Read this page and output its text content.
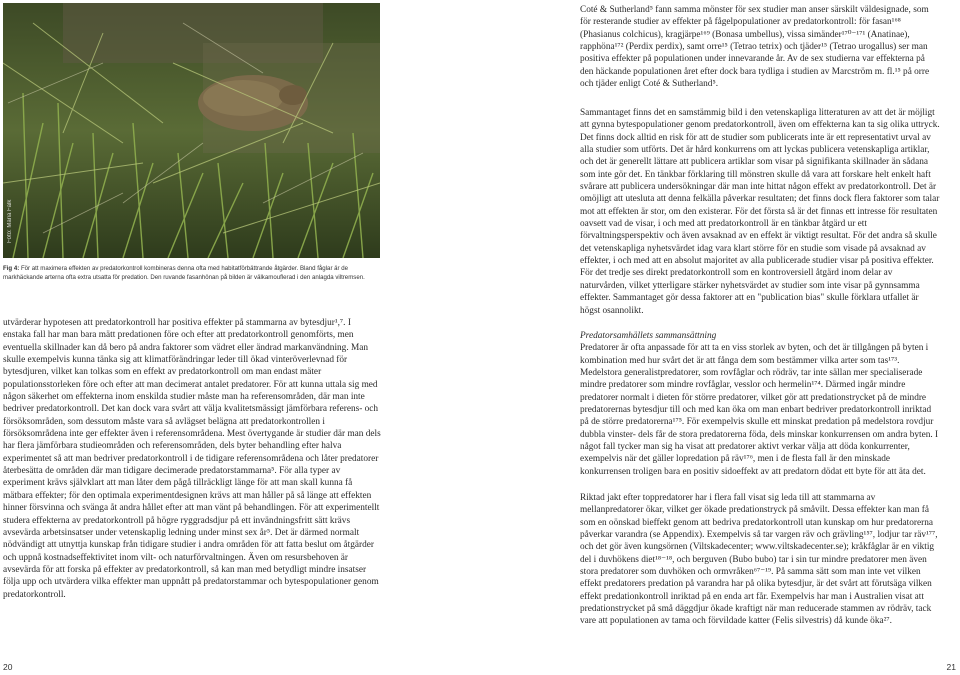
Foto: Maria Falk
Fig 4: För att maximera effekten av predatorkontroll kombineras denna ofta med habitatförbättrande åtgärder. Bland fåglar är de markhäckande arterna ofta extra utsatta för predation. Den ruvande fasanhönan på bilden är välkamouflerad i den anlagda viltremsen.

utvärderar hypotesen att predatorkontroll har positiva effekter på stammarna av bytesdjur¹,⁷. I enstaka fall har man bara mätt predationen före och efter att predatorkontroll genomförts, men eventuella skillnader kan då bero på andra faktorer som vädret eller ändrad markanvändning. Man skulle exempelvis kunna tänka sig att klimatförändringar leder till ökad vinteröverlevnad för bytesdjuren, vilket kan tolkas som en effekt av predatorkontroll om man endast mäter populationsstorleken före och efter att man decimerat antalet predatorer. För att kunna uttala sig med någon säkerhet om effekterna inom enskilda studier måste man ha referensområden, där man inte bedriver predatorkontroll. Det kan dock vara svårt att välja kvalitetsmässigt jämförbara referens- och försöksområden, som dessutom måste vara så avlägset belägna att predatorkontrollen i försöksområdena inte ger effekter även i referensområdena. Mest övertygande är studier där man dels har flera jämförbara studieområden och referensområden, dels byter behandling efter halva experimentet så att man bedriver predatorkontroll i de tidigare referensområdena och låter predatorer återbesätta de områden där man tidigare decimerade predatorstammarna⁵. För alla typer av experiment krävs självklart att man låter dem pågå tillräckligt länge för att man skall kunna få mätbara effekter; för den optimala experimentdesignen krävs att man håller på så länge att effekten hinner försvinna och svänga åt andra hållet efter att man vänt på behandlingen. För att experimentellt studera effekterna av predatorkontroll på högre ryggradsdjur på ett invändningsfritt sätt krävs avsevärda arbetsinsatser under vetenskaplig ledning under minst sex år⁵. Det är därmed normalt nödvändigt att utnyttja kunskap från tidigare studier i andra områden för att fatta beslut om åtgärder och uppnå kostnadseffektivitet inom vilt- och naturförvaltningen. Även om resursbehoven är avsevärda för att forska på effekter av predatorkontroll, så kan man med betydligt mindre insatser följa upp och utvärdera vilka effekter man uppnått på predatorstammar och bytespopulationer genom predatorkontroll.

20

Coté & Sutherland⁵ fann samma mönster för sex studier man anser särskilt väldesignade, som för resterande studier av effekter på fågelpopulationer av predatorkontroll: för fasan¹⁶⁸ (Phasianus colchicus), kragjärpe¹⁶⁹ (Bonasa umbellus), vissa simänder¹⁷⁰⁻¹⁷¹ (Anatinae), rapphöna¹⁷² (Perdix perdix), samt orre¹⁵ (Tetrao tetrix) och tjäder¹⁵ (Tetrao urogallus) ser man positiva effekter på populationen under innevarande år. Av de sex studierna var effekterna på den häckande populationen året efter dock bara tydliga i studien av Marcström m. fl.¹⁵ på orre och tjäder enligt Coté & Sutherland⁵.

Sammantaget finns det en samstämmig bild i den vetenskapliga litteraturen av att det är möjligt att gynna bytespopulationer genom predatorkontroll, även om effekterna kan ta sig olika uttryck. Det finns dock alltid en risk för att de studier som publicerats inte är ett representativt urval av alla studier som utförts. Det är hård konkurrens om att lyckas publicera vetenskapliga artiklar, och det är generellt lättare att publicera artiklar som visar på signifikanta skillnader än sådana som inte gör det. En tänkbar förklaring till mönstren skulle då vara att forskare helt enkelt haft svårare att publicera undersökningar där man inte hittat någon effekt av predatorkontroll. Det är omöjligt att utesluta att denna felkälla påverkar resultaten; det finns dock flera faktorer som talar mot att effekten är stor, om den existerar. För det första så är det finnas ett intresse för resultaten oavsett vad de visar, i och med att predatorkontroll är en tänkbar åtgärd ur ett förvaltningsperspektiv och även avsaknad av en effekt är viktigt resultat. För det andra så skulle det vetenskapliga nyhetsvärdet idag vara klart större för en studie som visade på avsaknad av effekter, i och med att en absolut majoritet av alla publicerade studier visar på positiva effekter. För det tredje ses direkt predatorkontroll som en kontroversiell åtgärd inom delar av naturvården, vilket ytterligare stärker nyhetsvärdet av studier som inte visar på gynnsamma effekter. Sammantaget gör dessa faktorer att en "publication bias" skulle förklara utfallet är högst osannolikt.

Predatorsamhällets sammansättning
Predatorer är ofta anpassade för att ta en viss storlek av byten, och det är tillgången på byten i kombination med hur svårt det är att fånga dem som bestämmer vilka arter som tas¹⁷³. Medelstora generalistpredatorer, som rovfåglar och rödräv, tar inte sällan mer specialiserade mindre predatorer som mindre rovfåglar, vesslor och hermelin¹⁷⁴. Därmed ingår mindre predatorer normalt i dieten för större predatorer, vilket gör att predationstrycket på de mindre predatorernas bytesdjur till och med kan öka om man enbart bedriver predatorkontroll inriktad på de större predatorerna¹⁷⁵. För exempelvis skulle ett minskat predation på medelstora rovdjur dubbla vinster- dels får de stora predatorerna föda, dels minskar konkurrensen om andra byten. I något fall tycker man sig ha visat att predatorer aktivt verkar välja att döda konkurrenter, exempelvis när det gäller lopredation på räv¹⁷⁶, men i de flesta fall är den minskade konkurrensen troligen bara en positiv sidoeffekt av att predatorn dödat ett byte för att äta det.

Riktad jakt efter toppredatorer har i flera fall visat sig leda till att stammarna av mellanpredatorer ökar, vilket ger ökade predationstryck på småvilt. Dessa effekter kan man få som en oönskad bieffekt genom att bedriva predatorkontroll utan kunskap om hur predatorerna påverkar varandra (se Appendix). Exempelvis så tar vargen räv och grävling¹⁵⁷, lodjur tar räv¹⁷⁷, och det gör även kungsörnen (Viltskadecenter; www.viltskadecenter.se); kråkfåglar är en viktig del i duvhökens diet¹⁸⁻¹⁸, och berguven (Bubo bubo) tar i sin tur mindre predatorer men även stora predatorer som duvhöken och ormvråken⁶⁷⁻¹⁹. På samma sätt som man inte vet vilken effekt predatorers predation på varandra har på olika bytesdjur, är det svårt att förutsäga vilken effekt predationkontroll inriktad på en enda art får. Exempelvis har man i Australien visat att predationstrycket på små däggdjur ökade kraftigt när man reducerade stammen av rödräv, tack vare att populationen av tama och förvildade katter (Felis silvestris) då kunde öka²⁷.

21
